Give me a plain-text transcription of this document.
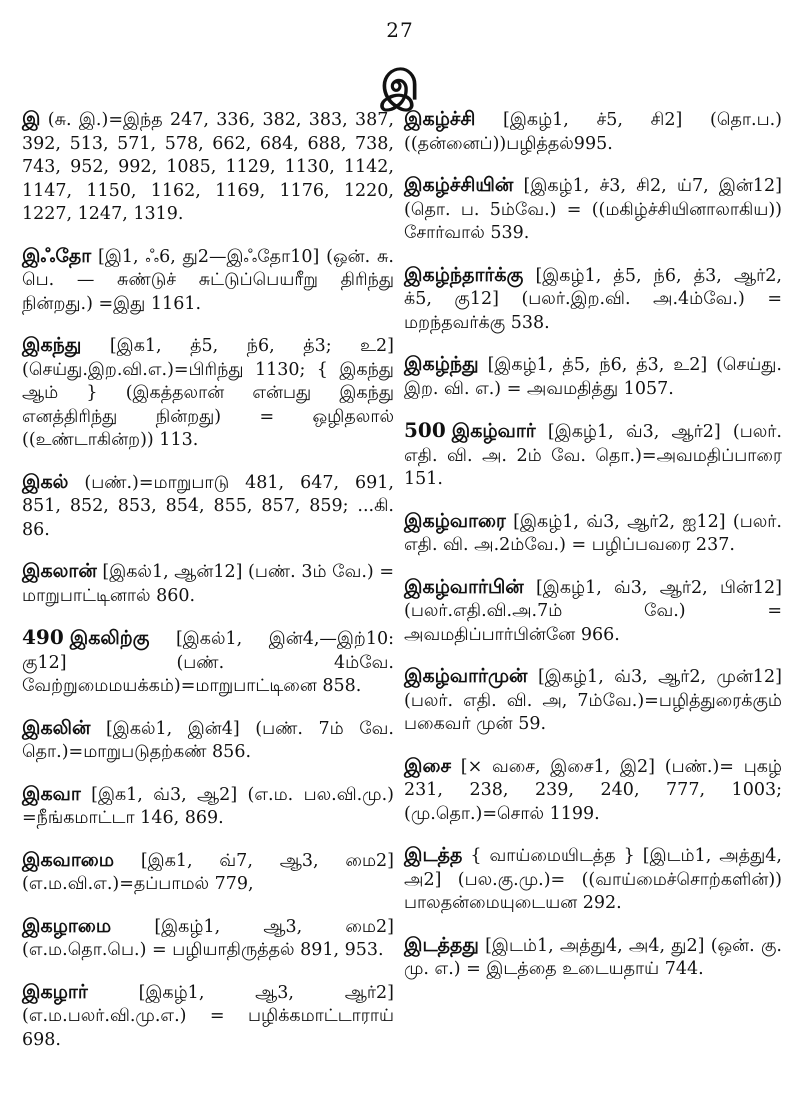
27
இ
இ (சு. இ.)=இந்த 247, 336, 382, 383, 387, 392, 513, 571, 578, 662, 684, 688, 738, 743, 952, 992, 1085, 1129, 1130, 1142, 1147, 1150, 1162, 1169, 1176, 1220, 1227, 1247, 1319.
இஃதோ [இ1, ஃ6, து2—இஃதோ10] (ஒன். சு. பெ. — சுண்டுச் சுட்டுப்பெயரீறு திரிந்து நின்றது.) =இது 1161.
இகந்து [இக1, த்5, ந்6, த்3; உ2] (செய்து.இற.வி.எ.)=பிரிந்து 1130; { இகந்து ஆம் } (இகத்தலான் என்பது இகந்து எனத்திரிந்து நின்றது) = ஒழிதலால் ((உண்டாகின்ற)) 113.
இகல் (பண்.)=மாறுபாடு 481, 647, 691, 851, 852, 853, 854, 855, 857, 859; ...கி. 86.
இகலான் [இகல்1, ஆன்12] (பண். 3ம் வே.) = மாறுபாட்டினால் 860.
490 இகலிற்கு [இகல்1, இன்4,—இற்10: கு12] (பண். 4ம்வே. வேற்றுமைமயக்கம்)=மாறுபாட்டினை 858.
இகலின் [இகல்1, இன்4] (பண். 7ம் வே. தொ.)=மாறுபடுதற்கண் 856.
இகவா [இக1, வ்3, ஆ2] (எ.ம. பல.வி.மு.) =நீங்கமாட்டா 146, 869.
இகவாமை [இக1, வ்7, ஆ3, மை2] (எ.ம.வி.எ.)=தப்பாமல் 779,
இகழாமை [இகழ்1, ஆ3, மை2] (எ.ம.தொ.பெ.) = பழியாதிருத்தல் 891, 953.
இகழார்	[இகழ்1, ஆ3, ஆர்2] (எ.ம.பலர்.வி.மு.எ.) = பழிக்கமாட்டாராய் 698.
இகழ்ச்சி [இகழ்1, ச்5, சி2] (தொ.ப.) ((தன்னைப்))பழித்தல்995.
இகழ்ச்சியின் [இகழ்1, ச்3, சி2, ய்7, இன்12] (தொ. ப. 5ம்வே.) = ((மகிழ்ச்சியினாலாகிய)) சோர்வால் 539.
இகழ்ந்தார்க்கு [இகழ்1, த்5, ந்6, த்3, ஆர்2, க்5, கு12] (பலர்.இற.வி. அ.4ம்வே.) = மறந்தவர்க்கு 538.
இகழ்ந்து [இகழ்1, த்5, ந்6, த்3, உ2] (செய்து. இற. வி. எ.) = அவமதித்து 1057.
500 இகழ்வார் [இகழ்1, வ்3, ஆர்2] (பலர். எதி. வி. அ. 2ம் வே. தொ.)=அவமதிப்பாரை 151.
இகழ்வாரை [இகழ்1, வ்3, ஆர்2, ஐ12] (பலர். எதி. வி. அ.2ம்வே.) = பழிப்பவரை 237.
இகழ்வார்பின் [இகழ்1, வ்3, ஆர்2, பின்12] (பலர்.எதி.வி.அ.7ம் வே.) = அவமதிப்பார்பின்னே 966.
இகழ்வார்முன் [இகழ்1, வ்3, ஆர்2, முன்12] (பலர். எதி. வி. அ, 7ம்வே.)=பழித்துரைக்கும் பகைவர் முன் 59.
இசை [× வசை, இசை1, இ2] (பண்.)= புகழ் 231, 238, 239, 240, 777, 1003; (மு.தொ.)=சொல் 1199.
இடத்த { வாய்மையிடத்த } [இடம்1, அத்து4, அ2] (பல.கு.மு.)= ((வாய்மைச்சொற்களின்)) பாலதன்மையுடையன 292.
இடத்தது [இடம்1, அத்து4, அ4, து2] (ஒன். கு. மு. எ.) = இடத்தை உடையதாய் 744.
